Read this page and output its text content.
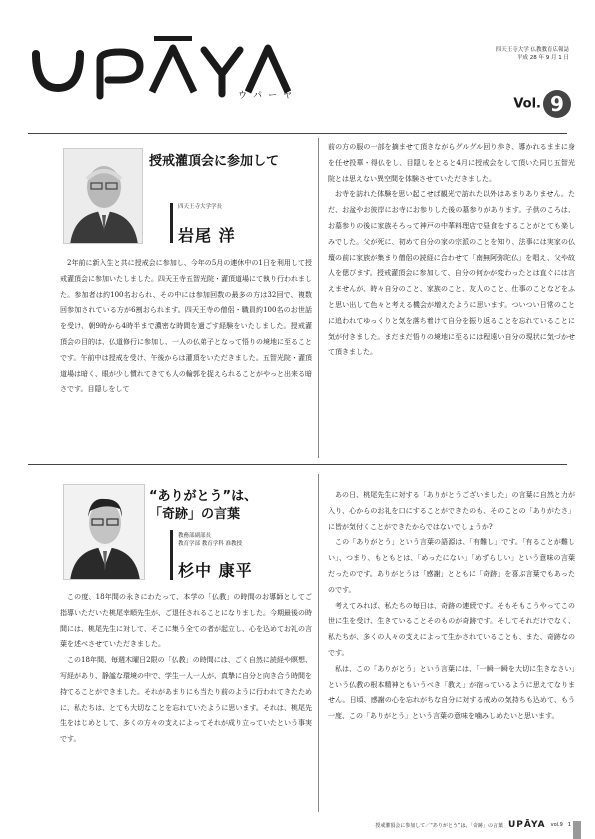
ウパーヤ
四天王寺大学 仏教教育広報誌
平成 28 年 9 月 1 日
Vol. 9
授戒灌頂会に参加して
四天王寺大学学長
岩尾 洋

2年前に新入生と共に授戒会に参加し、今年の5月の連休中の1日を利用して授戒灌頂会に参加いたしました。四天王寺五智光院・灌頂道場にて執り行われました。参加者は約100名おられ、その中には参加回数の最多の方は32回で、複数回参加されている方が6割おられます。四天王寺の僧侶・職員約100名のお世話を受け、朝9時から4時半まで濃密な時間を過ごす経験をいたしました。授戒灌頂会の目的は、仏道修行に参加し、一人の仏弟子となって悟りの境地に至ることです。午前中は授戒を受け、午後からは灌頂をいただきました。五智光院・灌頂道場は暗く、眼が少し慣れてきても人の輪郭を捉えられることがやっと出来る暗さです。目隠しをして

前の方の服の一部を摘ませて頂きながらグルグル回り歩き、導かれるままに身を任せ投華・得仏をし、目隠しをとると4月に授戒会をして頂いた同じ五智光院とは思えない異空間を体験させていただきました。

お寺を訪れた体験を思い起こせば観光で訪れた以外はあまりありません。ただ、お盆やお彼岸にお寺にお参りした後の墓参りがあります。子供のころは、お墓参りの後に家族そろって神戸の中華料理店で昼食をすることがとても楽しみでした。父が死に、初めて自分の家の宗派のことを知り、法事には実家の仏壇の前に家族が集まり僧侶の読経に合わせて「南無阿弥陀仏」を唱え、父や故人を偲びます。授戒灌頂会に参加して、自分の何かが変わったとは直ぐには言えませんが、時々自分のこと、家族のこと、友人のこと、仕事のことなどをふと思い出して色々と考える機会が増えたように思います。ついつい日常のことに追われてゆっくりと気を落ち着けて自分を振り返ることを忘れていることに気が付きました。まだまだ悟りの境地に至るには程遠い自分の現状に気づかせて頂きました。

“ありがとう”は、
「奇跡」の言葉
教務部副部長
教育学部 教育学科 准教授
杉中 康平

この度、18年間の永きにわたって、本学の「仏教」の時間のお導師としてご指導いただいた桃尾幸順先生が、ご退任されることになりました。今期最後の時間には、桃尾先生に対して、そこに集う全ての者が起立し、心を込めてお礼の言葉を述べさせていただきました。

この18年間、毎週木曜日2限の「仏教」の時間には、ごく自然に読経や瞑想、写経があり、静謐な環境の中で、学生一人一人が、真摯に自分と向き合う時間を持てることができました。それがあまりにも当たり前のように行われてきたために、私たちは、とても大切なことを忘れていたように思います。それは、桃尾先生をはじめとして、多くの方々の支えによってそれが成り立っていたという事実です。

あの日、桃尾先生に対する「ありがとうございました」の言葉に自然と力が入り、心からのお礼を口にすることができたのも、そのことの「ありがたさ」に皆が気付くことができたからではないでしょうか?

この「ありがとう」という言葉の語源は、「有難し」です。「有ることが難しい」、つまり、もともとは、「めったにない」「めずらしい」という意味の言葉だったのです。ありがとうは「感謝」とともに「奇跡」を喜ぶ言葉でもあったのです。

考えてみれば、私たちの毎日は、奇跡の連続です。そもそもこうやってこの世に生を受け、生きていることそのものが奇跡です。そしてそれだけでなく、私たちが、多くの人々の支えによって生かされていることも、また、奇跡なのです。

私は、この「ありがとう」という言葉には、「一瞬一瞬を大切に生きなさい」という仏教の根本精神ともいうべき「教え」が宿っているように思えてなりません。日頃、感謝の心を忘れがちな自分に対する戒めの気持ちも込めて、もう一度、この「ありがとう」という言葉の意味を噛みしめたいと思います。

授戒灌頂会に参加して／“ありがとう”は、「奇跡」の言葉 UPĀYA vol.9 1
